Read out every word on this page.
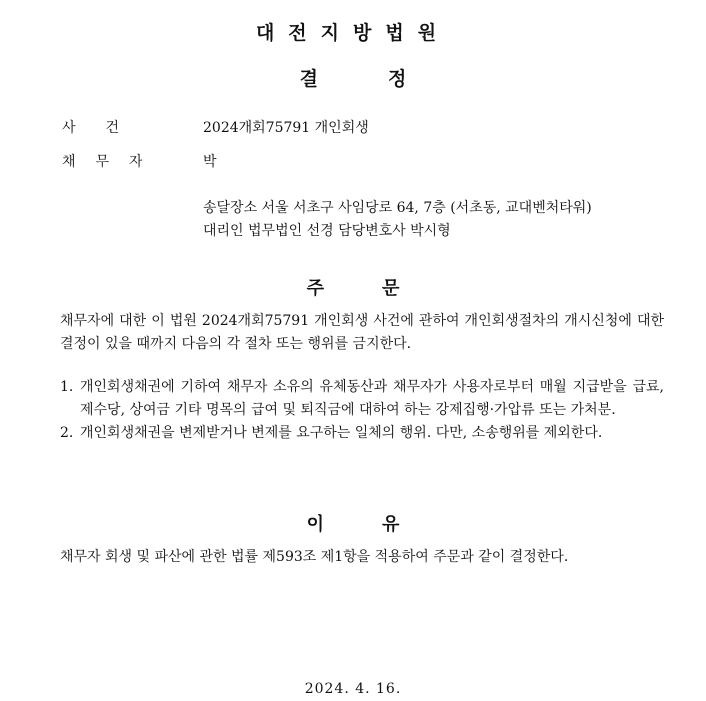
대전지방법원
결정
사건	2024개회75791 개인회생
채무자	박
송달장소 서울 서초구 사임당로 64, 7층 (서초동, 교대벤처타워)
대리인 법무법인 선경 담당변호사 박시형
주문
채무자에 대한 이 법원 2024개회75791 개인회생 사건에 관하여 개인회생절차의 개시신청에 대한 결정이 있을 때까지 다음의 각 절차 또는 행위를 금지한다.
1. 개인회생채권에 기하여 채무자 소유의 유체동산과 채무자가 사용자로부터 매월 지급받을 급료, 제수당, 상여금 기타 명목의 급여 및 퇴직금에 대하여 하는 강제집행·가압류 또는 가처분.
2. 개인회생채권을 변제받거나 변제를 요구하는 일체의 행위. 다만, 소송행위를 제외한다.
이유
채무자 회생 및 파산에 관한 법률 제593조 제1항을 적용하여 주문과 같이 결정한다.
2024. 4. 16.
